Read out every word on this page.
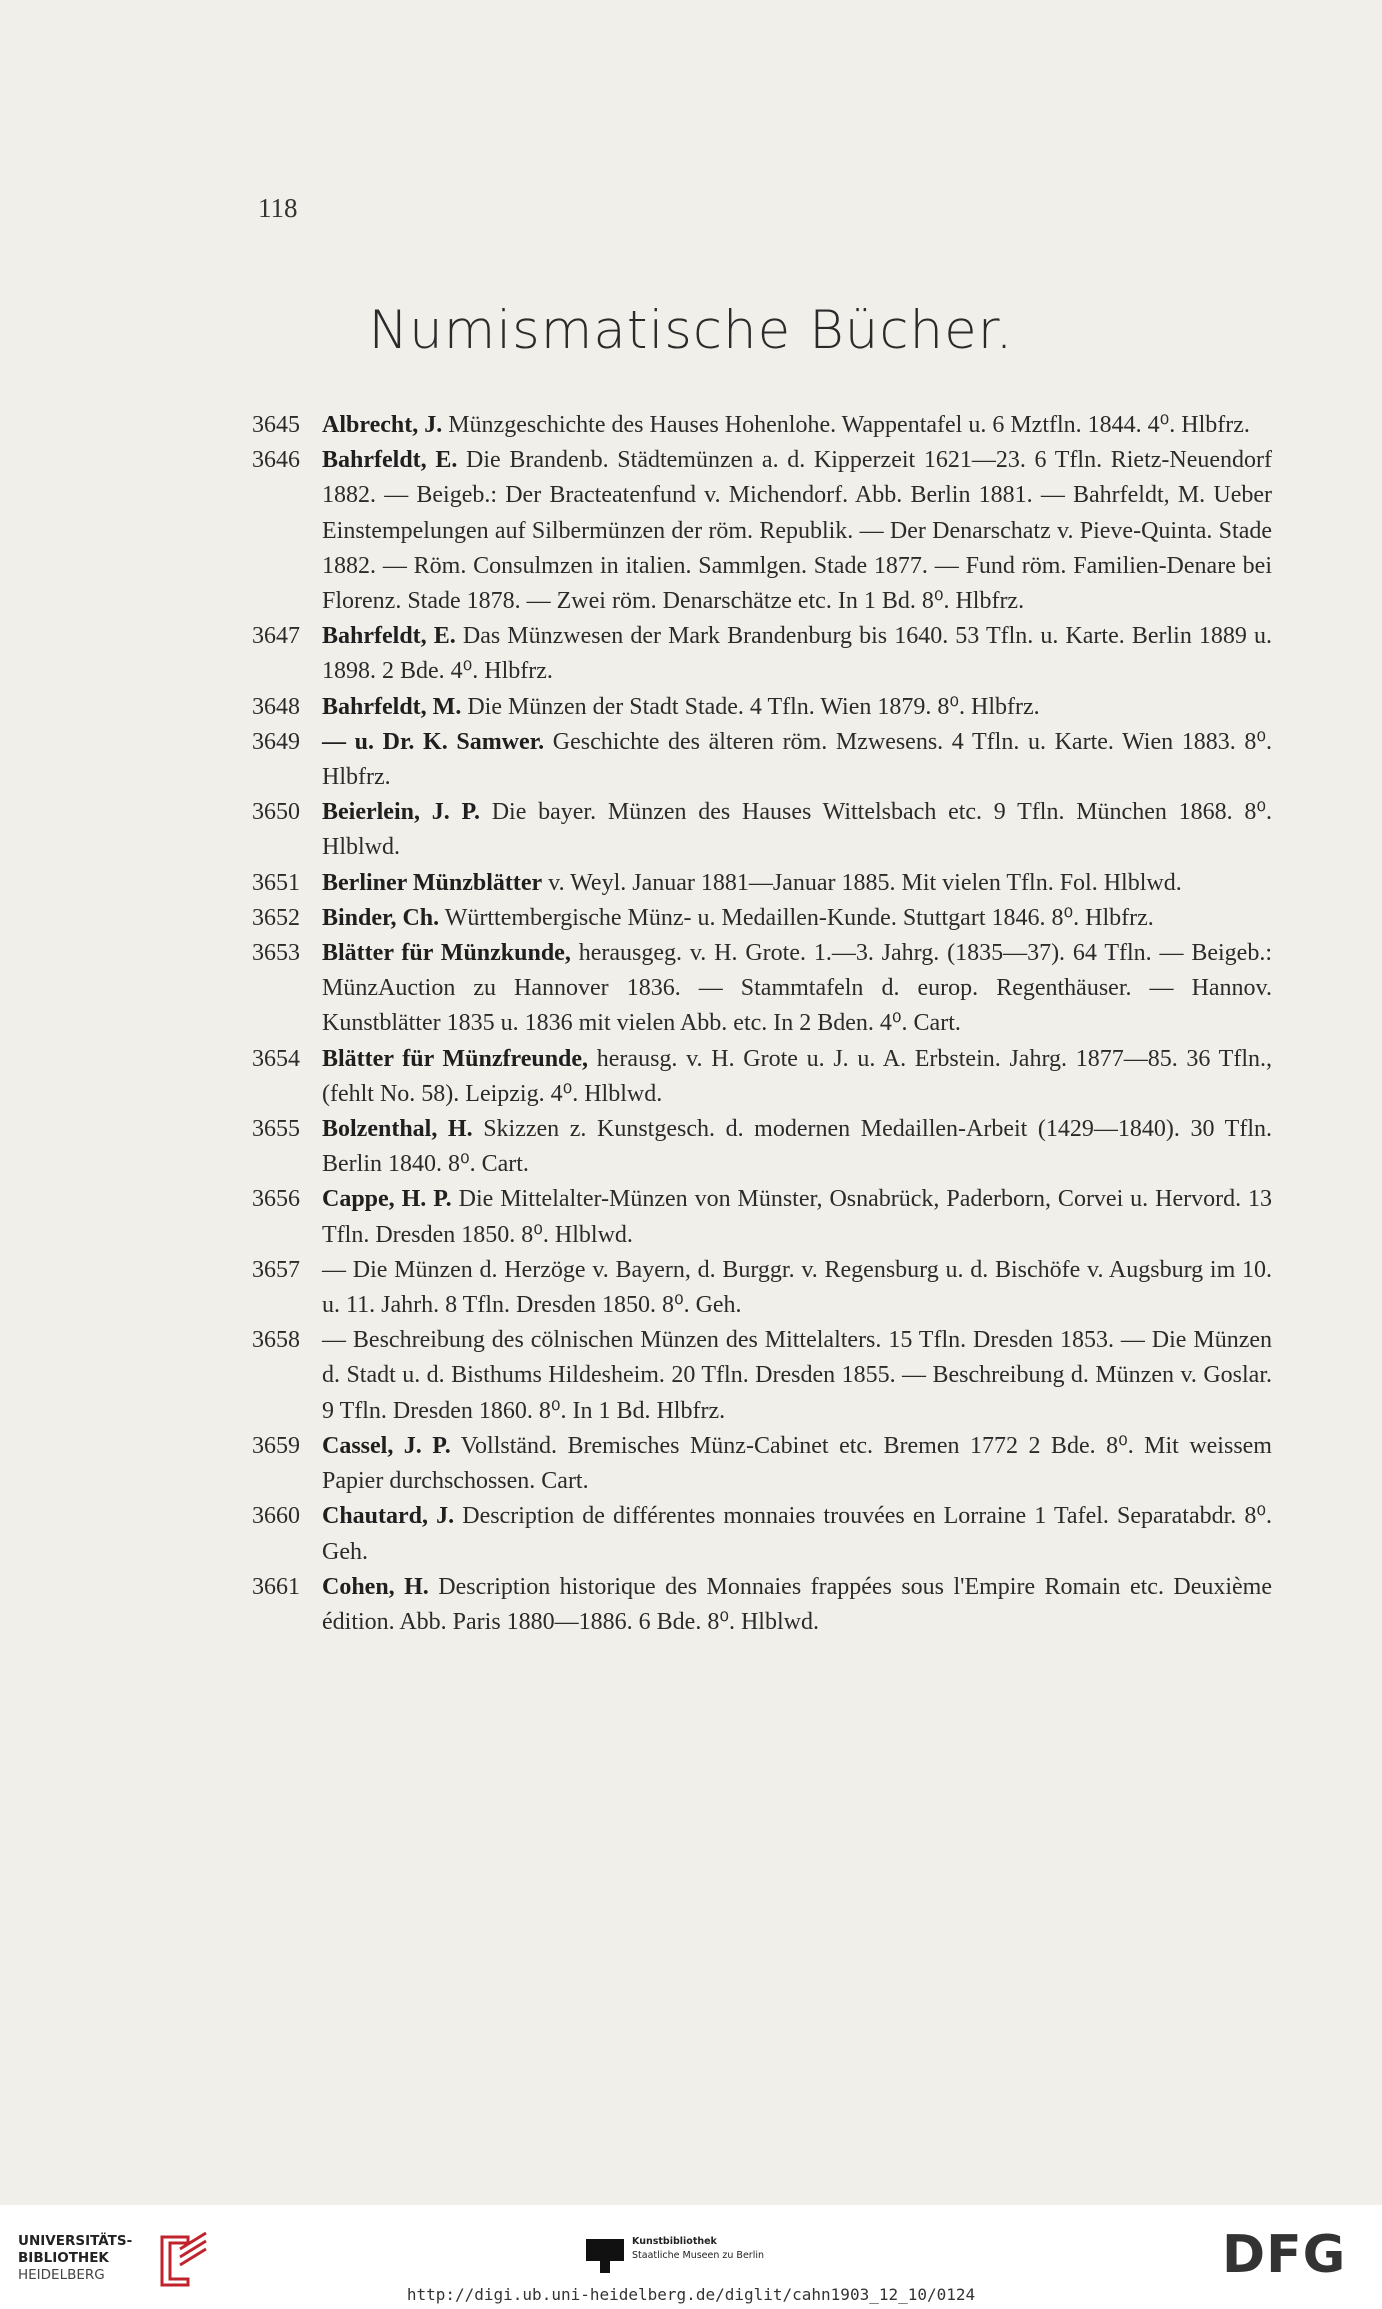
118
Numismatische Bücher.
3645 Albrecht, J. Münzgeschichte des Hauses Hohenlohe. Wappentafel u. 6 Mztfln. 1844. 4⁰. Hlbfrz.
3646 Bahrfeldt, E. Die Brandenb. Städtemünzen a. d. Kipperzeit 1621—23. 6 Tfln. Rietz-Neuendorf 1882. — Beigeb.: Der Bracteatenfund v. Michendorf. Abb. Berlin 1881. — Bahrfeldt, M. Ueber Einstempelungen auf Silbermünzen der röm. Republik. — Der Denarschatz v. Pieve-Quinta. Stade 1882. — Röm. Consulmzen in italien. Sammlgen. Stade 1877. — Fund röm. Familien-Denare bei Florenz. Stade 1878. — Zwei röm. Denarschätze etc. In 1 Bd. 8⁰. Hlbfrz.
3647 Bahrfeldt, E. Das Münzwesen der Mark Brandenburg bis 1640. 53 Tfln. u. Karte. Berlin 1889 u. 1898. 2 Bde. 4⁰. Hlbfrz.
3648 Bahrfeldt, M. Die Münzen der Stadt Stade. 4 Tfln. Wien 1879. 8⁰. Hlbfrz.
3649 — u. Dr. K. Samwer. Geschichte des älteren röm. Mzwesens. 4 Tfln. u. Karte. Wien 1883. 8⁰. Hlbfrz.
3650 Beierlein, J. P. Die bayer. Münzen des Hauses Wittelsbach etc. 9 Tfln. München 1868. 8⁰. Hlblwd.
3651 Berliner Münzblätter v. Weyl. Januar 1881—Januar 1885. Mit vielen Tfln. Fol. Hlblwd.
3652 Binder, Ch. Württembergische Münz- u. Medaillen-Kunde. Stuttgart 1846. 8⁰. Hlbfrz.
3653 Blätter für Münzkunde, herausgeg. v. H. Grote. 1.—3. Jahrg. (1835—37). 64 Tfln. — Beigeb.: MünzAuction zu Hannover 1836. — Stammtafeln d. europ. Regenthäuser. — Hannov. Kunstblätter 1835 u. 1836 mit vielen Abb. etc. In 2 Bden. 4⁰. Cart.
3654 Blätter für Münzfreunde, herausg. v. H. Grote u. J. u. A. Erbstein. Jahrg. 1877—85. 36 Tfln., (fehlt No. 58). Leipzig. 4⁰. Hlblwd.
3655 Bolzenthal, H. Skizzen z. Kunstgesch. d. modernen Medaillen-Arbeit (1429—1840). 30 Tfln. Berlin 1840. 8⁰. Cart.
3656 Cappe, H. P. Die Mittelalter-Münzen von Münster, Osnabrück, Paderborn, Corvei u. Hervord. 13 Tfln. Dresden 1850. 8⁰. Hlblwd.
3657 — Die Münzen d. Herzöge v. Bayern, d. Burggr. v. Regensburg u. d. Bischöfe v. Augsburg im 10. u. 11. Jahrh. 8 Tfln. Dresden 1850. 8⁰. Geh.
3658 — Beschreibung des cölnischen Münzen des Mittelalters. 15 Tfln. Dresden 1853. — Die Münzen d. Stadt u. d. Bisthums Hildesheim. 20 Tfln. Dresden 1855. — Beschreibung d. Münzen v. Goslar. 9 Tfln. Dresden 1860. 8⁰. In 1 Bd. Hlbfrz.
3659 Cassel, J. P. Vollständ. Bremisches Münz-Cabinet etc. Bremen 1772 2 Bde. 8⁰. Mit weissem Papier durchschossen. Cart.
3660 Chautard, J. Description de différentes monnaies trouvées en Lorraine 1 Tafel. Separatabdr. 8⁰. Geh.
3661 Cohen, H. Description historique des Monnaies frappées sous l'Empire Romain etc. Deuxième édition. Abb. Paris 1880—1886. 6 Bde. 8⁰. Hlblwd.
UNIVERSITÄTS-
BIBLIOTHEK
HEIDELBERG
Kunstbibliothek
Staatliche Museen zu Berlin	DFG
http://digi.ub.uni-heidelberg.de/diglit/cahn1903_12_10/0124
